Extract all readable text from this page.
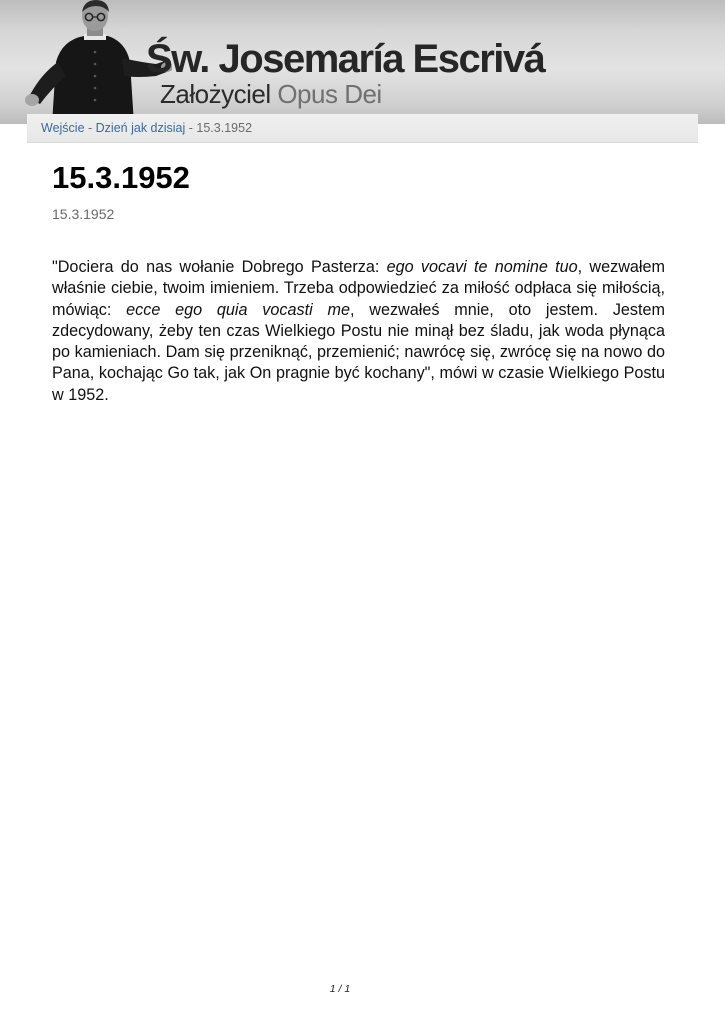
Św. Josemaría Escrivá
Założyciel Opus Dei
Wejście - Dzień jak dzisiaj - 15.3.1952
15.3.1952
15.3.1952

"Dociera do nas wołanie Dobrego Pasterza: ego vocavi te nomine tuo, wezwałem właśnie ciebie, twoim imieniem. Trzeba odpowiedzieć za miłość odpłaca się miłością, mówiąc: ecce ego quia vocasti me, wezwałeś mnie, oto jestem. Jestem zdecydowany, żeby ten czas Wielkiego Postu nie minął bez śladu, jak woda płynąca po kamieniach. Dam się przeniknąć, przemienić; nawrócę się, zwrócę się na nowo do Pana, kochając Go tak, jak On pragnie być kochany", mówi w czasie Wielkiego Postu w 1952.

1 / 1
